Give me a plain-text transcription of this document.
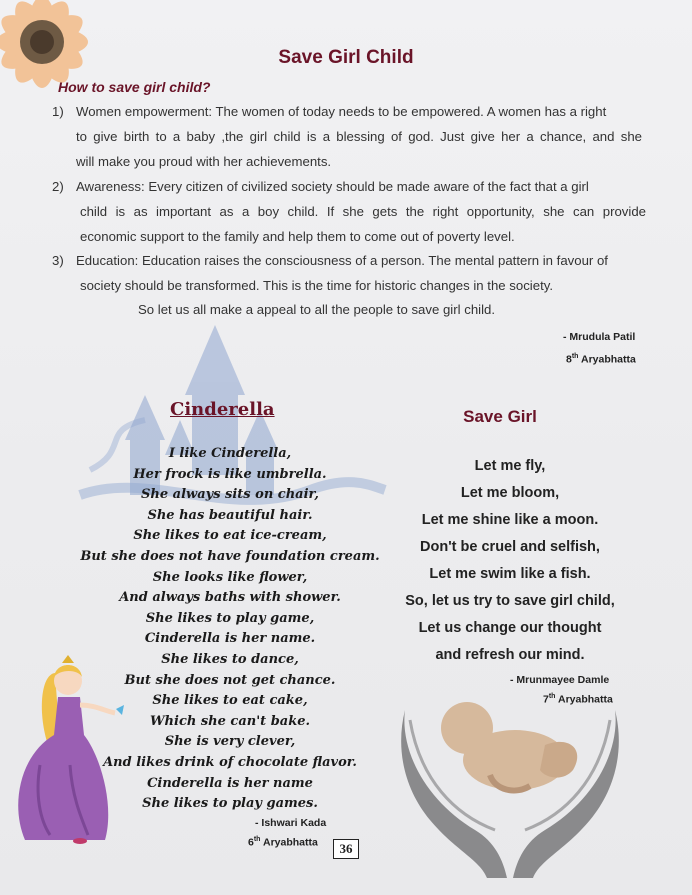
Save Girl Child
How to save girl child?
1) Women empowerment: The women of today needs to be empowered. A women has a right
to give birth to a baby ,the girl child is a blessing of god. Just give her a chance, and she
will make you proud with her achievements.
2) Awareness: Every citizen of civilized society should be made aware of the fact that a girl
child is as important as a boy child. If she gets the right opportunity, she can provide
economic support to the family and help them to come out of poverty level.
3) Education: Education raises the consciousness of a person. The mental pattern in favour of
society should be transformed. This is the time for historic changes in the society.
So let us all make a appeal to all the people to save girl child.
- Mrudula Patil
8th Aryabhatta
Cinderella
I like Cinderella,
Her frock is like umbrella.
She always sits on chair,
She has beautiful hair.
She likes to eat ice-cream,
But she does not have foundation cream.
She looks like flower,
And always baths with shower.
She likes to play game,
Cinderella is her name.
She likes to dance,
But she does not get chance.
She likes to eat cake,
Which she can't bake.
She is very clever,
And likes drink of chocolate flavor.
Cinderella is her name
She likes to play games.
- Ishwari Kada
6th Aryabhatta
Save Girl
Let me fly,
Let me bloom,
Let me shine like a moon.
Don't be cruel and selfish,
Let me swim like a fish.
So, let us try to save girl child,
Let us change our thought
and refresh our mind.
- Mrunmayee Damle
7th Aryabhatta
36
